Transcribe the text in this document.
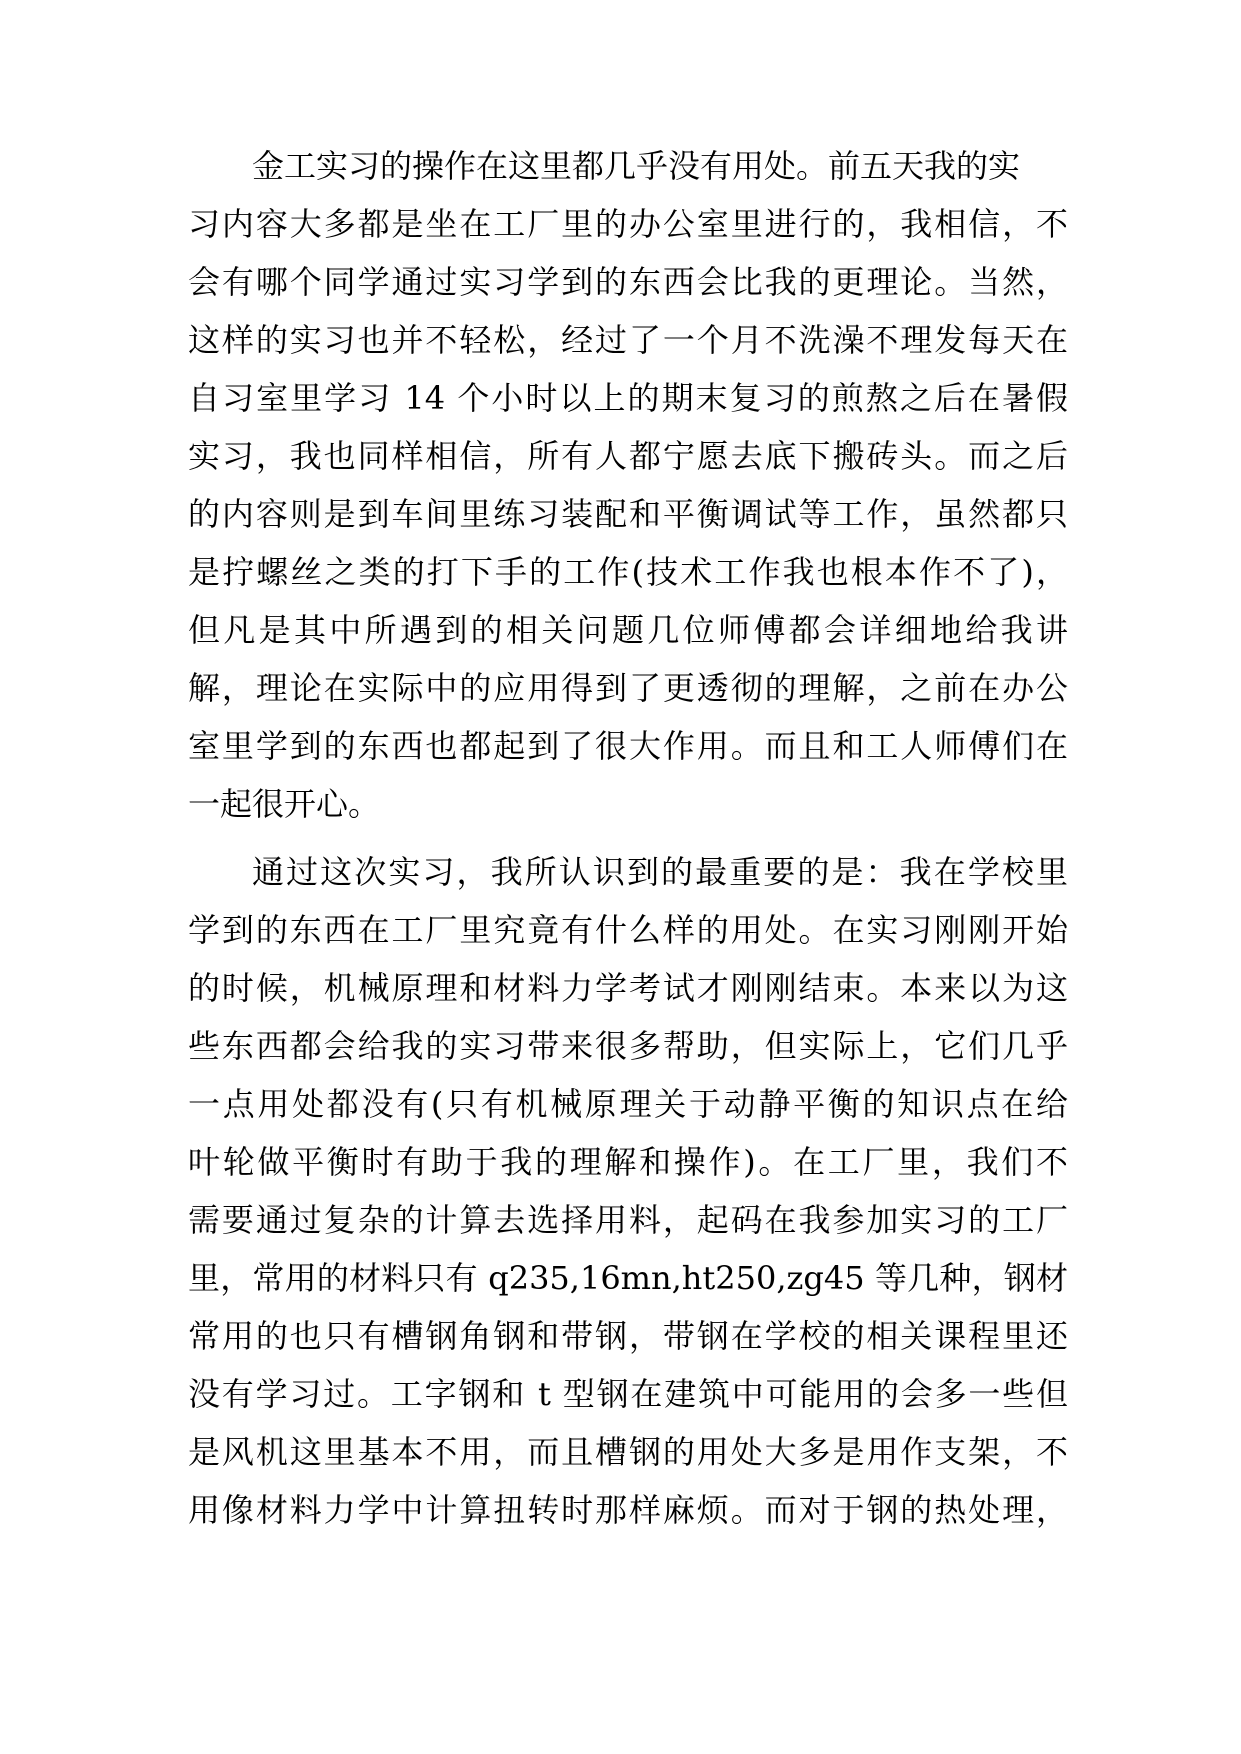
金工实习的操作在这里都几乎没有用处。前五天我的实
习内容大多都是坐在工厂里的办公室里进行的，我相信，不
会有哪个同学通过实习学到的东西会比我的更理论。当然，
这样的实习也并不轻松，经过了一个月不洗澡不理发每天在
自习室里学习 14 个小时以上的期末复习的煎熬之后在暑假
实习，我也同样相信，所有人都宁愿去底下搬砖头。而之后
的内容则是到车间里练习装配和平衡调试等工作，虽然都只
是拧螺丝之类的打下手的工作(技术工作我也根本作不了)，
但凡是其中所遇到的相关问题几位师傅都会详细地给我讲
解，理论在实际中的应用得到了更透彻的理解，之前在办公
室里学到的东西也都起到了很大作用。而且和工人师傅们在
一起很开心。
通过这次实习，我所认识到的最重要的是：我在学校里
学到的东西在工厂里究竟有什么样的用处。在实习刚刚开始
的时候，机械原理和材料力学考试才刚刚结束。本来以为这
些东西都会给我的实习带来很多帮助，但实际上，它们几乎
一点用处都没有(只有机械原理关于动静平衡的知识点在给
叶轮做平衡时有助于我的理解和操作)。在工厂里，我们不
需要通过复杂的计算去选择用料，起码在我参加实习的工厂
里，常用的材料只有 q235,16mn,ht250,zg45 等几种，钢材
常用的也只有槽钢角钢和带钢，带钢在学校的相关课程里还
没有学习过。工字钢和 t 型钢在建筑中可能用的会多一些但
是风机这里基本不用，而且槽钢的用处大多是用作支架，不
用像材料力学中计算扭转时那样麻烦。而对于钢的热处理，
